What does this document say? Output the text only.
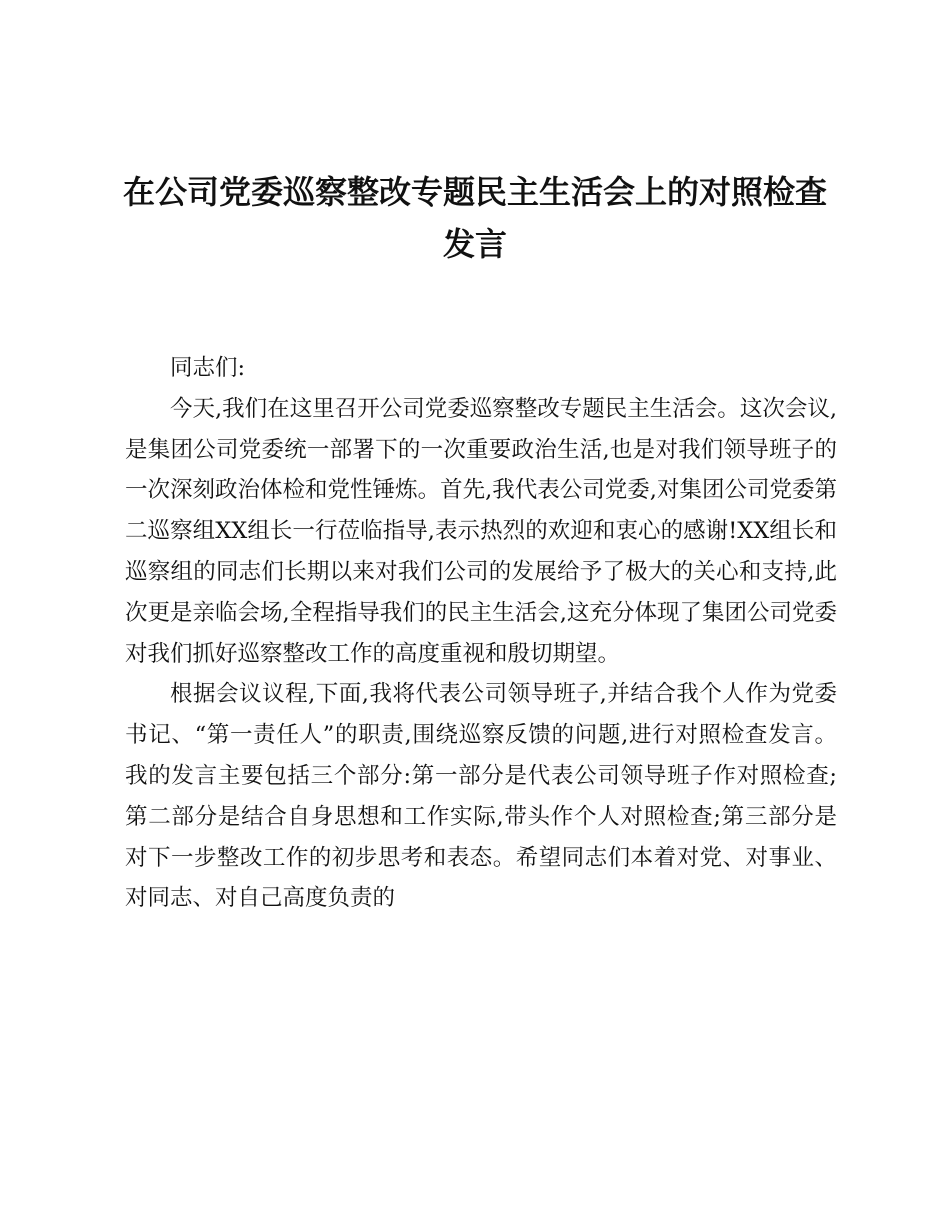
在公司党委巡察整改专题民主生活会上的对照检查发言

同志们:

今天,我们在这里召开公司党委巡察整改专题民主生活会。这次会议,是集团公司党委统一部署下的一次重要政治生活,也是对我们领导班子的一次深刻政治体检和党性锤炼。首先,我代表公司党委,对集团公司党委第二巡察组XX组长一行莅临指导,表示热烈的欢迎和衷心的感谢!XX组长和巡察组的同志们长期以来对我们公司的发展给予了极大的关心和支持,此次更是亲临会场,全程指导我们的民主生活会,这充分体现了集团公司党委对我们抓好巡察整改工作的高度重视和殷切期望。

根据会议议程,下面,我将代表公司领导班子,并结合我个人作为党委书记、“第一责任人”的职责,围绕巡察反馈的问题,进行对照检查发言。我的发言主要包括三个部分:第一部分是代表公司领导班子作对照检查;第二部分是结合自身思想和工作实际,带头作个人对照检查;第三部分是对下一步整改工作的初步思考和表态。希望同志们本着对党、对事业、对同志、对自己高度负责的
